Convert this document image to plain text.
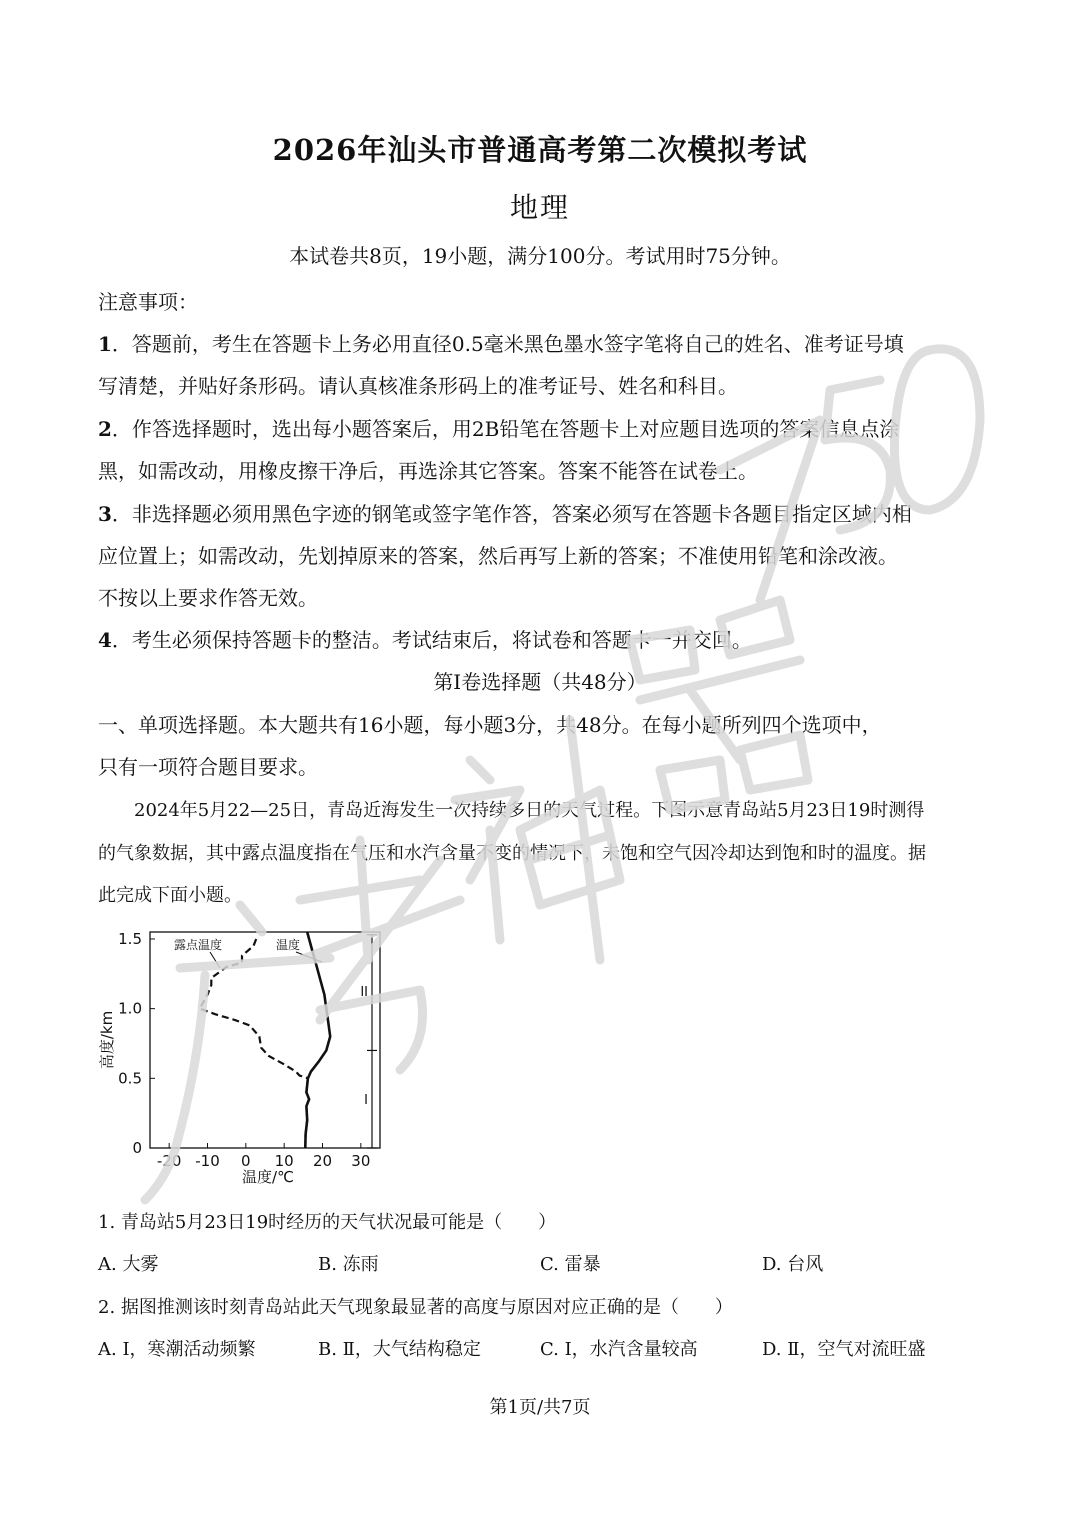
2026年汕头市普通高考第二次模拟考试
地理
本试卷共8页，19小题，满分100分。考试用时75分钟。
注意事项：
1．答题前，考生在答题卡上务必用直径0.5毫米黑色墨水签字笔将自己的姓名、准考证号填
写清楚，并贴好条形码。请认真核准条形码上的准考证号、姓名和科目。
2．作答选择题时，选出每小题答案后，用2B铅笔在答题卡上对应题目选项的答案信息点涂
黑，如需改动，用橡皮擦干净后，再选涂其它答案。答案不能答在试卷上。
3．非选择题必须用黑色字迹的钢笔或签字笔作答，答案必须写在答题卡各题目指定区域内相
应位置上；如需改动，先划掉原来的答案，然后再写上新的答案；不准使用铅笔和涂改液。
不按以上要求作答无效。
4．考生必须保持答题卡的整洁。考试结束后，将试卷和答题卡一并交回。
第I卷选择题（共48分）
一、单项选择题。本大题共有16小题，每小题3分，共48分。在每小题所列四个选项中，
只有一项符合题目要求。
2024年5月22—25日，青岛近海发生一次持续多日的天气过程。下图示意青岛站5月23日19时测得
的气象数据，其中露点温度指在气压和水汽含量不变的情况下，未饱和空气因冷却达到饱和时的温度。据
此完成下面小题。
-20 -10 0 10 20 30
0
0.5
1.0
1.5
温度/℃
高度/km
温度
露点温度
II
I
1. 青岛站5月23日19时经历的天气状况最可能是（　　）
A. 大雾	B. 冻雨	C. 雷暴	D. 台风
2. 据图推测该时刻青岛站此天气现象最显著的高度与原因对应正确的是（　　）
A. I，寒潮活动频繁	B. Ⅱ，大气结构稳定	C. I，水汽含量较高	D. Ⅱ，空气对流旺盛
第1页/共7页
